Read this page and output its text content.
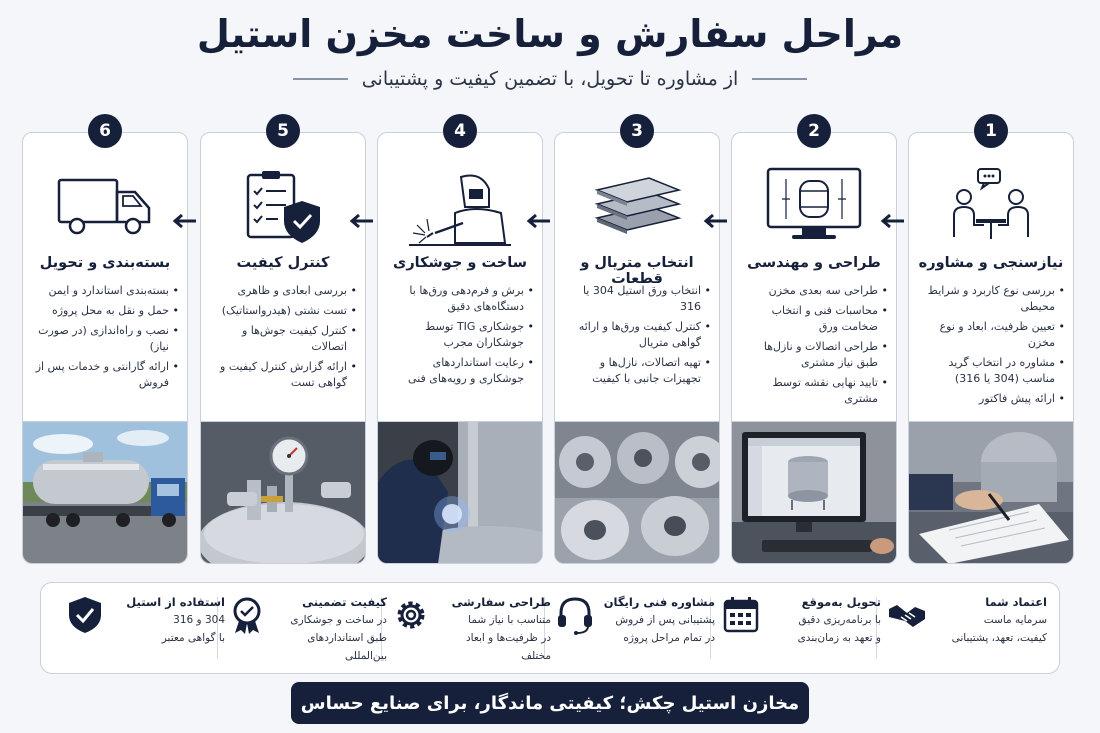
مراحل سفارش و ساخت مخزن استیل
از مشاوره تا تحویل، با تضمین کیفیت و پشتیبانی
نیازسنجی و مشاوره
• بررسی نوع کاربرد و شرایط محیطی
• تعیین ظرفیت، ابعاد و نوع مخزن
• مشاوره در انتخاب گرید مناسب (304 یا 316)
• ارائه پیش فاکتور
طراحی و مهندسی
• طراحی سه بعدی مخزن
• محاسبات فنی و انتخاب ضخامت ورق
• طراحی اتصالات و نازل‌ها طبق نیاز مشتری
• تایید نهایی نقشه توسط مشتری
انتخاب متریال و قطعات
• انتخاب ورق استیل 304 یا 316
• کنترل کیفیت ورق‌ها و ارائه گواهی متریال
• تهیه اتصالات، نازل‌ها و تجهیزات جانبی با کیفیت
ساخت و جوشکاری
• برش و فرم‌دهی ورق‌ها با دستگاه‌های دقیق
• جوشکاری TIG توسط جوشکاران مجرب
• رعایت استانداردهای جوشکاری و رویه‌های فنی
کنترل کیفیت
• بررسی ابعادی و ظاهری
• تست نشتی (هیدرواستاتیک)
• کنترل کیفیت جوش‌ها و اتصالات
• ارائه گزارش کنترل کیفیت و گواهی تست
بسته‌بندی و تحویل
• بسته‌بندی استاندارد و ایمن
• حمل و نقل به محل پروژه
• نصب و راه‌اندازی (در صورت نیاز)
• ارائه گارانتی و خدمات پس از فروش
1
2
3
4
5
6
اعتماد شما
سرمایه ماست
کیفیت، تعهد، پشتیبانی
تحویل به‌موقع
با برنامه‌ریزی دقیق
و تعهد به زمان‌بندی
مشاوره فنی رایگان
پشتیبانی پس از فروش
در تمام مراحل پروژه
طراحی سفارشی
متناسب با نیاز شما
در ظرفیت‌ها و ابعاد مختلف
کیفیت تضمینی
در ساخت و جوشکاری
طبق استانداردهای بین‌المللی
استفاده از استیل
304 و 316
با گواهی معتبر
مخازن استیل چکش؛ کیفیتی ماندگار، برای صنایع حساس
